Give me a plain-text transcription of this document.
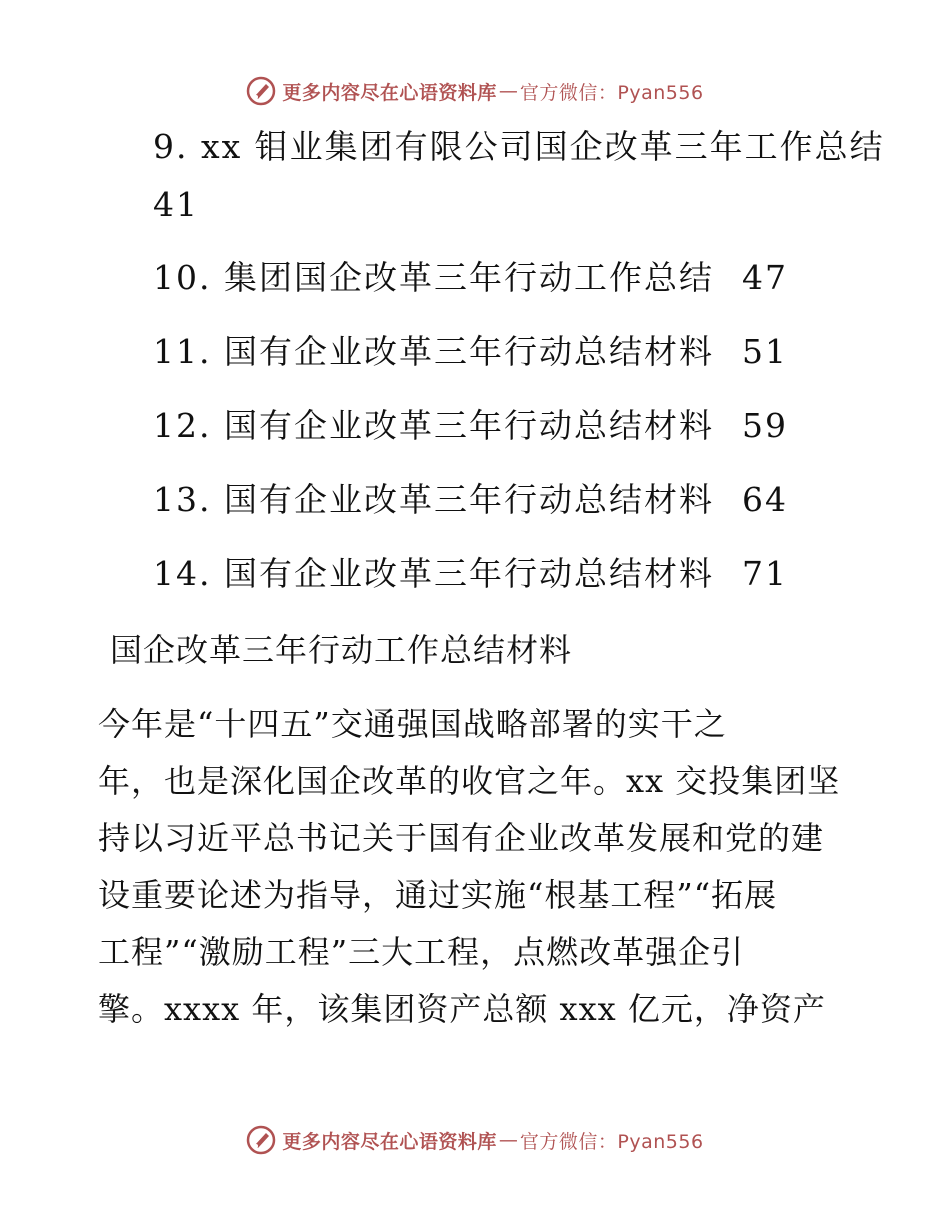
更多内容尽在心语资料库 — 官方微信：Pyan556
9. xx 钼业集团有限公司国企改革三年工作总结
41
10. 集团国企改革三年行动工作总结 47
11. 国有企业改革三年行动总结材料 51
12. 国有企业改革三年行动总结材料 59
13. 国有企业改革三年行动总结材料 64
14. 国有企业改革三年行动总结材料 71
国企改革三年行动工作总结材料
今年是“十四五”交通强国战略部署的实干之
年，也是深化国企改革的收官之年。xx 交投集团坚
持以习近平总书记关于国有企业改革发展和党的建
设重要论述为指导，通过实施“根基工程”“拓展
工程”“激励工程”三大工程，点燃改革强企引
擎。xxxx 年，该集团资产总额 xxx 亿元，净资产
更多内容尽在心语资料库 — 官方微信：Pyan556
